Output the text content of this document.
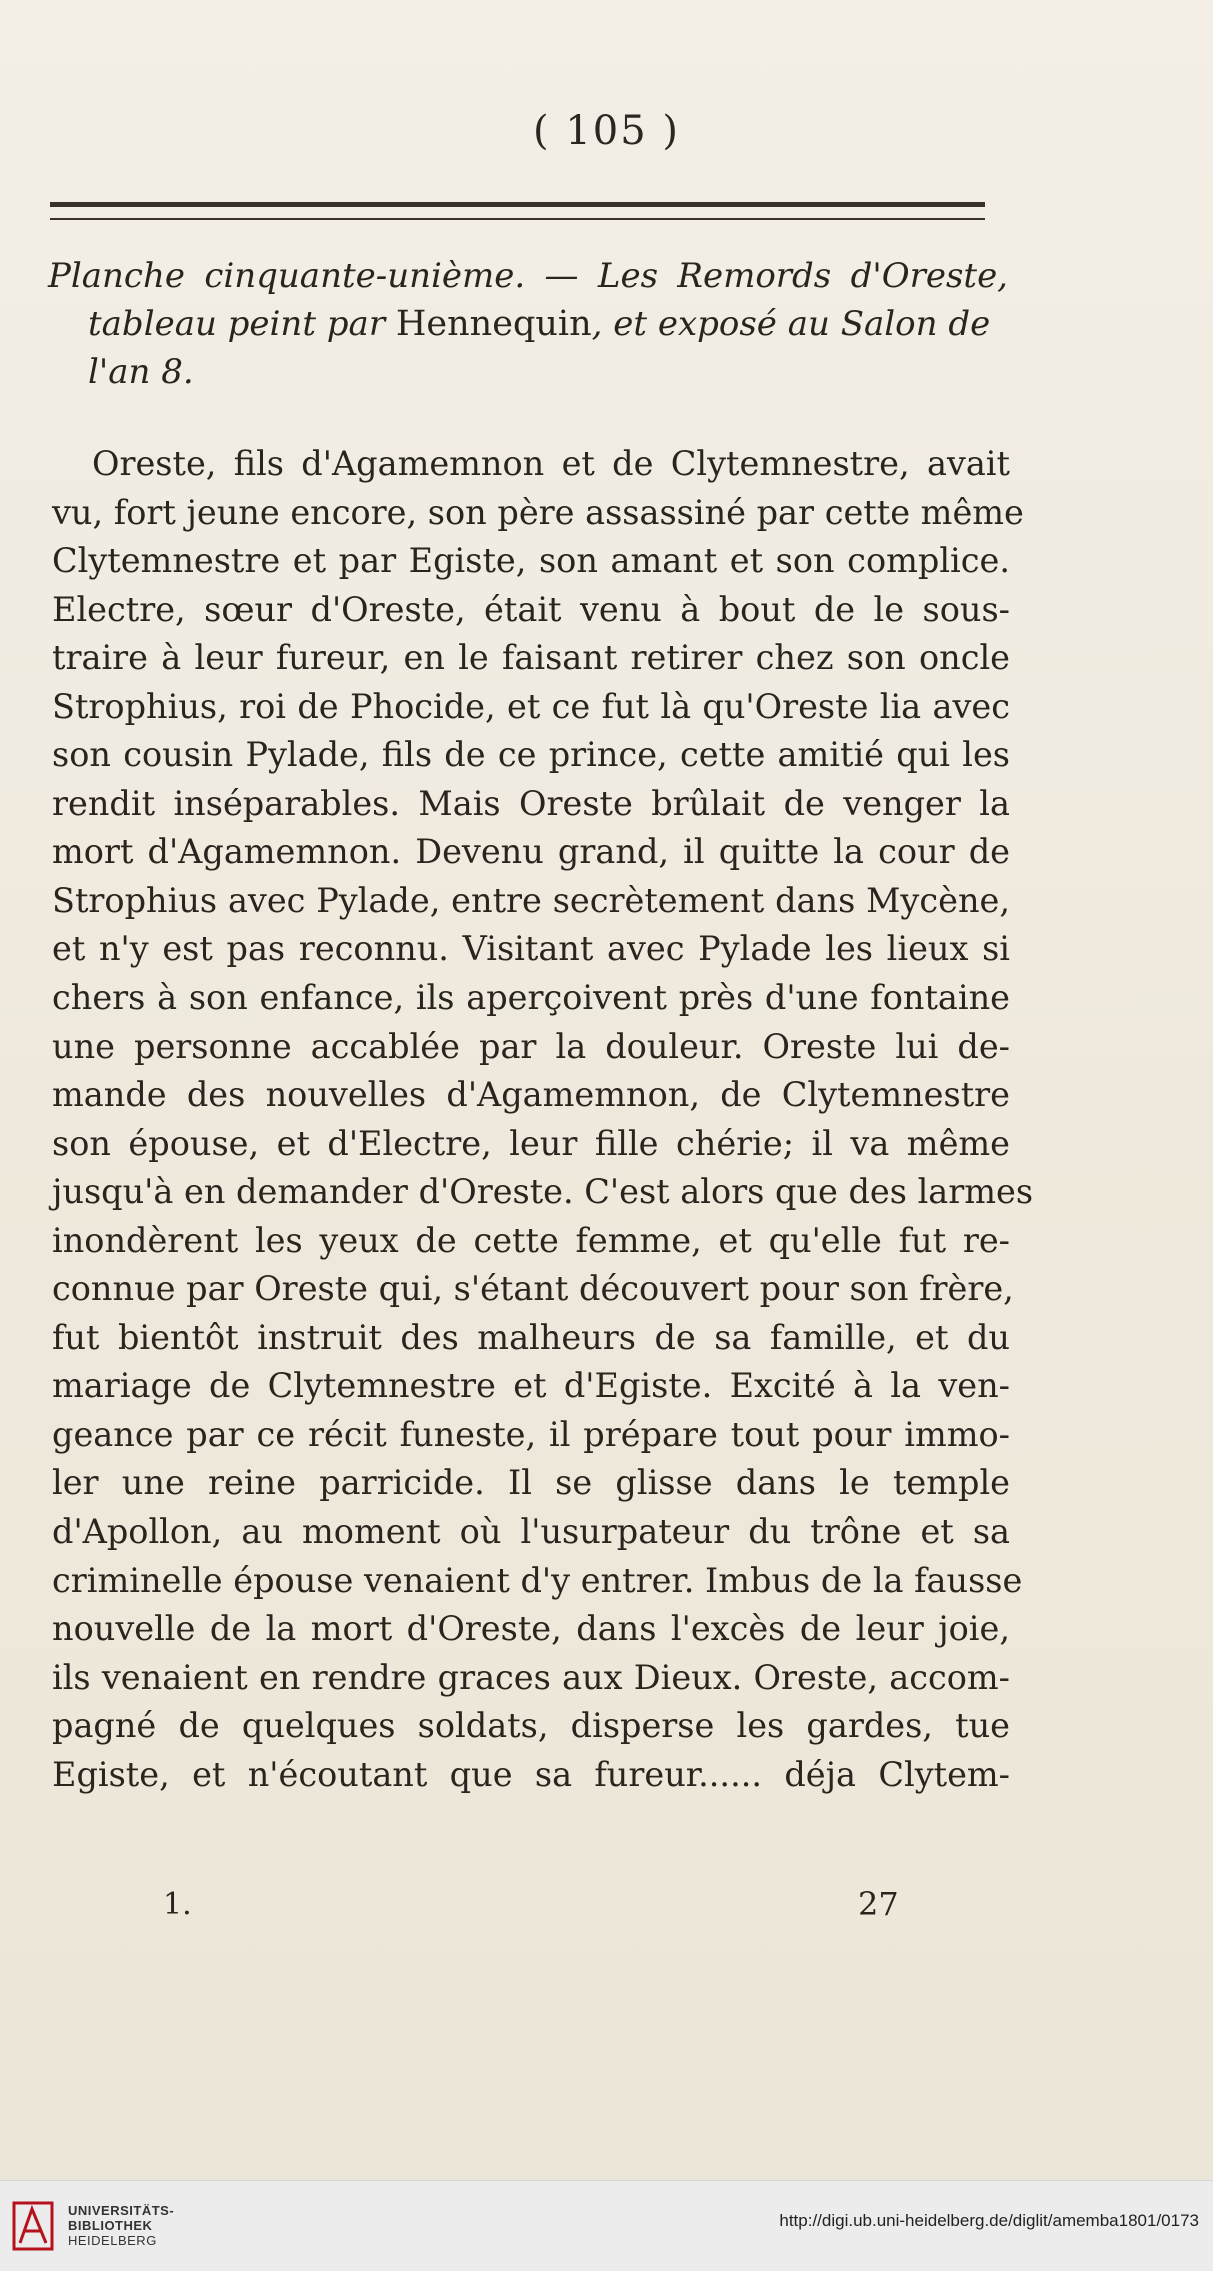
( 105 )
Planche cinquante-unième. — Les Remords d'Oreste,
tableau peint par Hennequin, et exposé au Salon de
l'an 8.
Oreste, fils d'Agamemnon et de Clytemnestre, avait
vu, fort jeune encore, son père assassiné par cette même
Clytemnestre et par Egiste, son amant et son complice.
Electre, sœur d'Oreste, était venu à bout de le sous-
traire à leur fureur, en le faisant retirer chez son oncle
Strophius, roi de Phocide, et ce fut là qu'Oreste lia avec
son cousin Pylade, fils de ce prince, cette amitié qui les
rendit inséparables. Mais Oreste brûlait de venger la
mort d'Agamemnon. Devenu grand, il quitte la cour de
Strophius avec Pylade, entre secrètement dans Mycène,
et n'y est pas reconnu. Visitant avec Pylade les lieux si
chers à son enfance, ils aperçoivent près d'une fontaine
une personne accablée par la douleur. Oreste lui de-
mande des nouvelles d'Agamemnon, de Clytemnestre
son épouse, et d'Electre, leur fille chérie; il va même
jusqu'à en demander d'Oreste. C'est alors que des larmes
inondèrent les yeux de cette femme, et qu'elle fut re-
connue par Oreste qui, s'étant découvert pour son frère,
fut bientôt instruit des malheurs de sa famille, et du
mariage de Clytemnestre et d'Egiste. Excité à la ven-
geance par ce récit funeste, il prépare tout pour immo-
ler une reine parricide. Il se glisse dans le temple
d'Apollon, au moment où l'usurpateur du trône et sa
criminelle épouse venaient d'y entrer. Imbus de la fausse
nouvelle de la mort d'Oreste, dans l'excès de leur joie,
ils venaient en rendre graces aux Dieux. Oreste, accom-
pagné de quelques soldats, disperse les gardes, tue
Egiste, et n'écoutant que sa fureur...... déja Clytem-
1.	27
UNIVERSITÄTS-
BIBLIOTHEK
HEIDELBERG
http://digi.ub.uni-heidelberg.de/diglit/amemba1801/0173
